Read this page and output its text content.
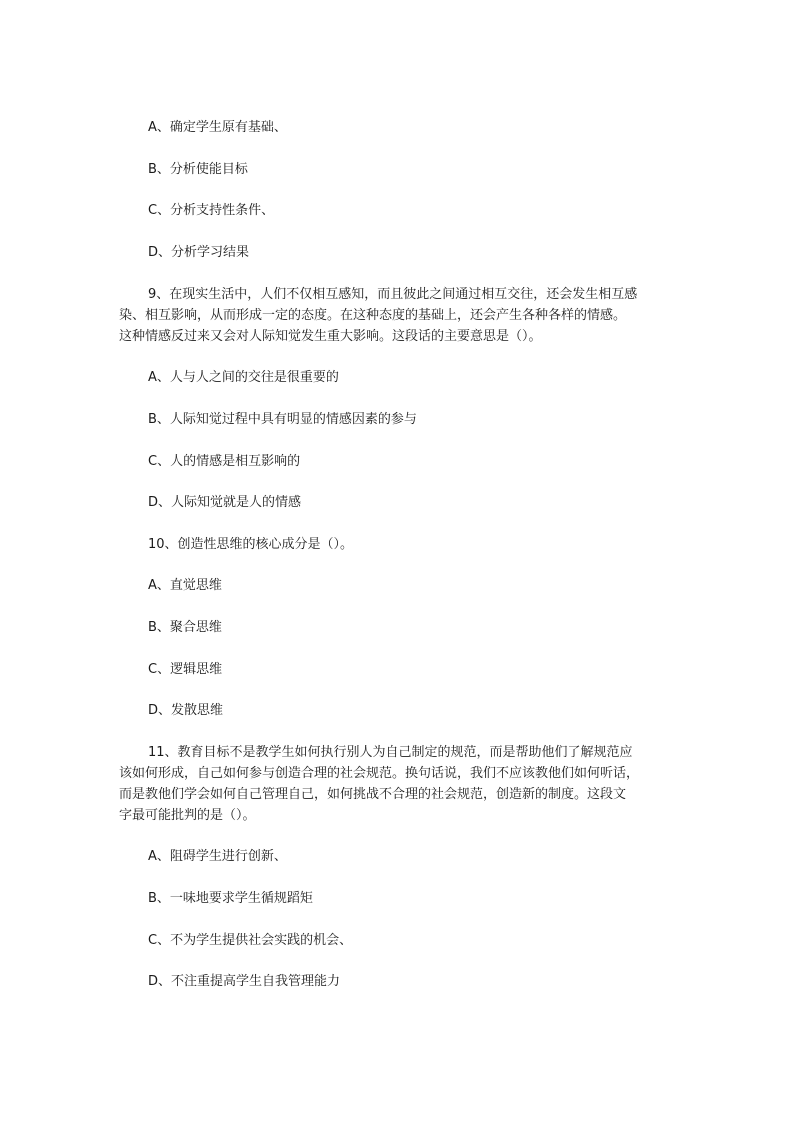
A、确定学生原有基础、

B、分析使能目标

C、分析支持性条件、

D、分析学习结果

9、在现实生活中，人们不仅相互感知，而且彼此之间通过相互交往，还会发生相互感

染、相互影响，从而形成一定的态度。在这种态度的基础上，还会产生各种各样的情感。

这种情感反过来又会对人际知觉发生重大影响。这段话的主要意思是（）。

A、人与人之间的交往是很重要的

B、人际知觉过程中具有明显的情感因素的参与

C、人的情感是相互影响的

D、人际知觉就是人的情感

10、创造性思维的核心成分是（）。

A、直觉思维

B、聚合思维

C、逻辑思维

D、发散思维

11、教育目标不是教学生如何执行别人为自己制定的规范，而是帮助他们了解规范应

该如何形成，自己如何参与创造合理的社会规范。换句话说，我们不应该教他们如何听话，

而是教他们学会如何自己管理自己，如何挑战不合理的社会规范，创造新的制度。这段文

字最可能批判的是（）。

A、阻碍学生进行创新、

B、一味地要求学生循规蹈矩

C、不为学生提供社会实践的机会、

D、不注重提高学生自我管理能力
